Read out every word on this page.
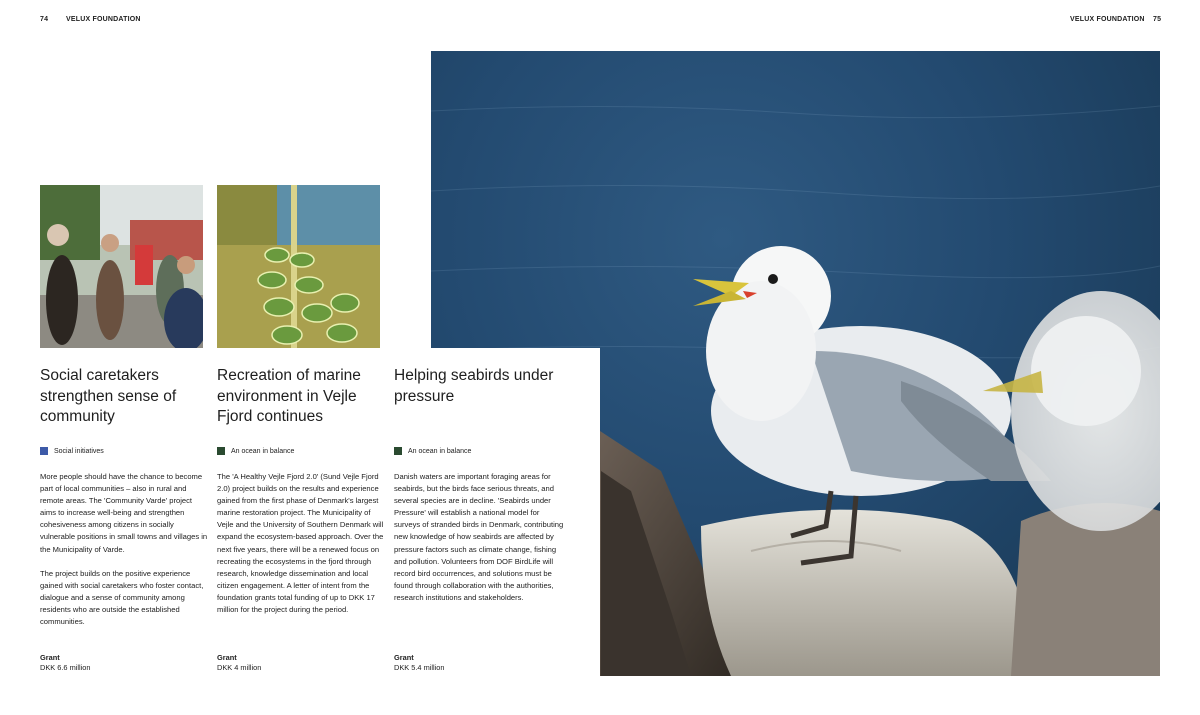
74	VELUX FOUNDATION	VELUX FOUNDATION 75
Social caretakers strengthen sense of community
Social initiatives

More people should have the chance to become part of local communities – also in rural and remote areas. The 'Community Varde' project aims to increase well-being and strengthen cohesiveness among citizens in socially vulnerable positions in small towns and villages in the Municipality of Varde.

The project builds on the positive experience gained with social caretakers who foster contact, dialogue and a sense of community among residents who are outside the established communities.

Grant
DKK 6.6 million
Recreation of marine environment in Vejle Fjord continues
An ocean in balance

The 'A Healthy Vejle Fjord 2.0' (Sund Vejle Fjord 2.0) project builds on the results and experience gained from the first phase of Denmark's largest marine restoration project. The Municipality of Vejle and the University of Southern Denmark will expand the ecosystem-based approach. Over the next five years, there will be a renewed focus on recreating the ecosystems in the fjord through research, knowledge dissemination and local citizen engagement. A letter of intent from the foundation grants total funding of up to DKK 17 million for the project during the period.

Grant
DKK 4 million
Helping seabirds under pressure
An ocean in balance

Danish waters are important foraging areas for seabirds, but the birds face serious threats, and several species are in decline. 'Seabirds under Pressure' will establish a national model for surveys of stranded birds in Denmark, contributing new knowledge of how seabirds are affected by pressure factors such as climate change, fishing and pollution. Volunteers from DOF BirdLife will record bird occurrences, and solutions must be found through collaboration with the authorities, research institutions and stakeholders.

Grant
DKK 5.4 million
